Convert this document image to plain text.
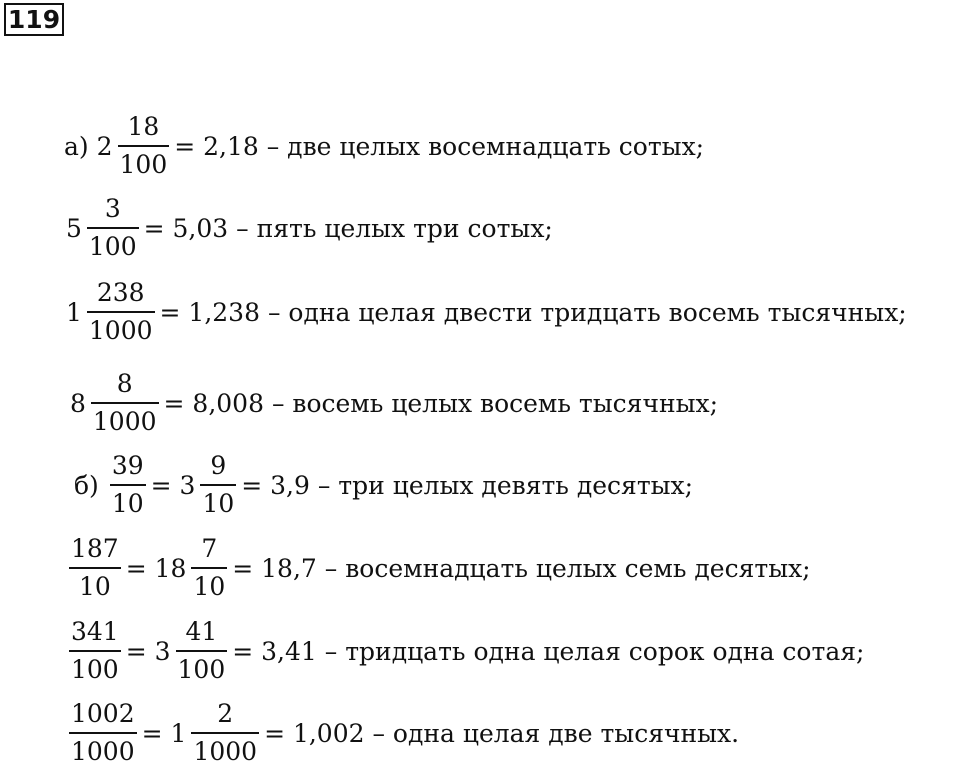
119
а) $2 \frac{18}{100} = 2,18$ – две целых восемнадцать сотых;
$5 \frac{3}{100} = 5,03$ – пять целых три сотых;
$1 \frac{238}{1000} = 1,238$ – одна целая двести тридцать восемь тысячных;
$8 \frac{8}{1000} = 8,008$ – восемь целых восемь тысячных;
$б) \frac{39}{10} = 3 \frac{9}{10} = 3,9$ – три целых девять десятых;
$\frac{187}{10} = 18 \frac{7}{10} = 18,7$ – восемнадцать целых семь десятых;
$\frac{341}{100} = 3 \frac{41}{100} = 3,41$ – тридцать одна целая сорок одна сотая;
$\frac{1002}{1000} = 1 \frac{2}{1000} = 1,002$ – одна целая две тысячных.
